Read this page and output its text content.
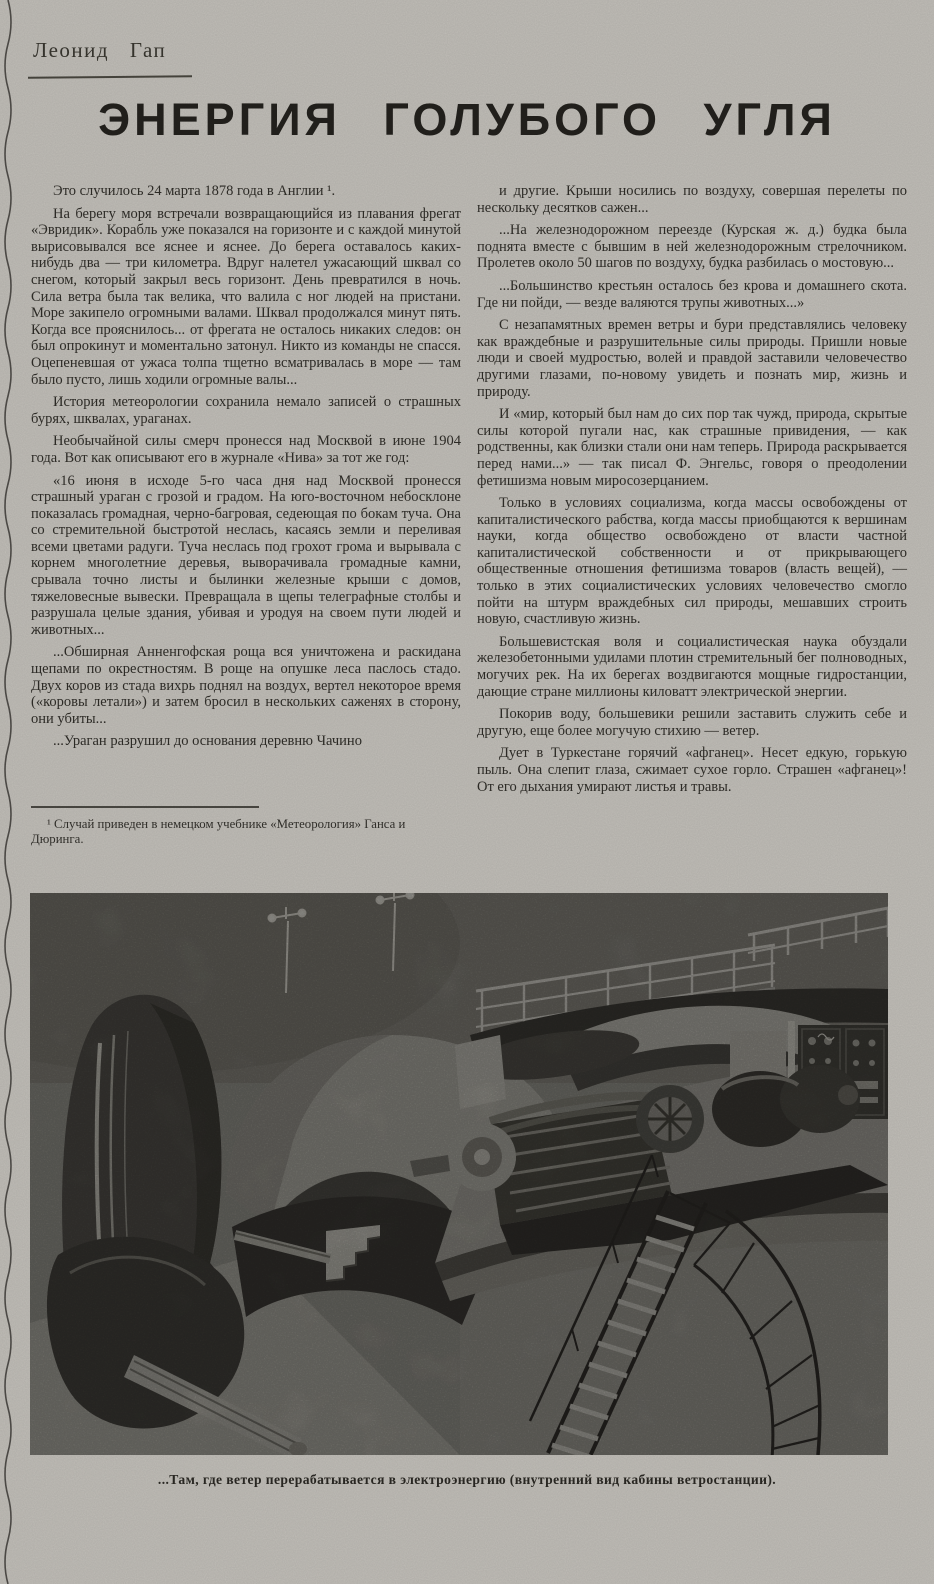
Леонид Гап
ЭНЕРГИЯ ГОЛУБОГО УГЛЯ

Это случилось 24 марта 1878 года в Англии ¹.

На берегу моря встречали возвращающийся из плавания фрегат «Эвридик». Корабль уже показался на горизонте и с каждой минутой вырисовывался все яснее и яснее. До берега оставалось каких-нибудь два — три километра. Вдруг налетел ужасающий шквал со снегом, который закрыл весь горизонт. День превратился в ночь. Сила ветра была так велика, что валила с ног людей на пристани. Море закипело огромными валами. Шквал продолжался минут пять. Когда все прояснилось... от фрегата не осталось никаких следов: он был опрокинут и моментально затонул. Никто из команды не спасся. Оцепеневшая от ужаса толпа тщетно всматривалась в море — там было пусто, лишь ходили огромные валы...

История метеорологии сохранила немало записей о страшных бурях, шквалах, ураганах.

Необычайной силы смерч пронесся над Москвой в июне 1904 года. Вот как описывают его в журнале «Нива» за тот же год:

«16 июня в исходе 5-го часа дня над Москвой пронесся страшный ураган с грозой и градом. На юго-восточном небосклоне показалась громадная, черно-багровая, седеющая по бокам туча. Она со стремительной быстротой неслась, касаясь земли и переливая всеми цветами радуги. Туча неслась под грохот грома и вырывала с корнем многолетние деревья, выворачивала громадные камни, срывала точно листы и былинки железные крыши с домов, тяжеловесные вывески. Превращала в щепы телеграфные столбы и разрушала целые здания, убивая и уродуя на своем пути людей и животных...

...Обширная Анненгофская роща вся уничтожена и раскидана щепами по окрестностям. В роще на опушке леса паслось стадо. Двух коров из стада вихрь поднял на воздух, вертел некоторое время («коровы летали») и затем бросил в нескольких саженях в сторону, они убиты...

...Ураган разрушил до основания деревню Чачино

¹ Случай приведен в немецком учебнике «Метеорология» Ганса и Дюринга.

и другие. Крыши носились по воздуху, совершая перелеты по нескольку десятков сажен...

...На железнодорожном переезде (Курская ж. д.) будка была поднята вместе с бывшим в ней железнодорожным стрелочником. Пролетев около 50 шагов по воздуху, будка разбилась о мостовую...

...Большинство крестьян осталось без крова и домашнего скота. Где ни пойди, — везде валяются трупы животных...»

С незапамятных времен ветры и бури представлялись человеку как враждебные и разрушительные силы природы. Пришли новые люди и своей мудростью, волей и правдой заставили человечество другими глазами, по-новому увидеть и познать мир, жизнь и природу.

И «мир, который был нам до сих пор так чужд, природа, скрытые силы которой пугали нас, как страшные привидения, — как родственны, как близки стали они нам теперь. Природа раскрывается перед нами...» — так писал Ф. Энгельс, говоря о преодолении фетишизма новым миросозерцанием.

Только в условиях социализма, когда массы освобождены от капиталистического рабства, когда массы приобщаются к вершинам науки, когда общество освобождено от власти частной капиталистической собственности и от прикрывающего общественные отношения фетишизма товаров (власть вещей), — только в этих социалистических условиях человечество смогло пойти на штурм враждебных сил природы, мешавших строить новую, счастливую жизнь.

Большевистская воля и социалистическая наука обуздали железобетонными удилами плотин стремительный бег полноводных, могучих рек. На их берегах воздвигаются мощные гидростанции, дающие стране миллионы киловатт электрической энергии.

Покорив воду, большевики решили заставить служить себе и другую, еще более могучую стихию — ветер.

Дует в Туркестане горячий «афганец». Несет едкую, горькую пыль. Она слепит глаза, сжимает сухое горло. Страшен «афганец»! От его дыхания умирают листья и травы.

...Там, где ветер перерабатывается в электроэнергию (внутренний вид кабины ветростанции).
